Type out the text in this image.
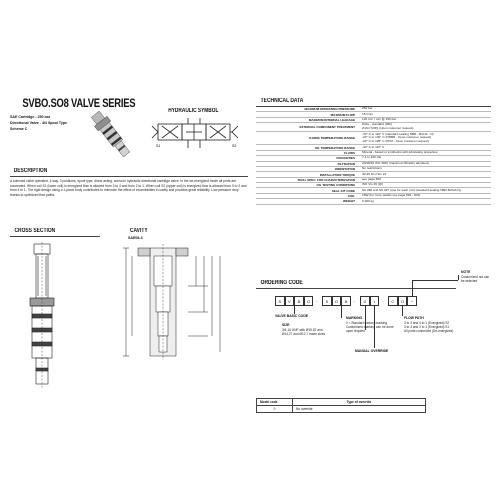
SVBO.SO8 VALVE SERIES
SAE Cartridge - 250 bar
Directional Valve - 4/3 Spool Type
Scheme C
HYDRAULIC SYMBOL
S1	S2
DESCRIPTION
A solenoid valve operated, 4 way, 3 positions, spool type, direct acting, screw-in hydraulic directional cartridge valve. In the de-energized mode all ports are connected. When coil S1 (lower coil) is energized flow is allowed from 3 to 4 and from 2 to 1. When coil S2 (upper coil) is energized flow is allowed from 3 to 2 and from 4 to 1. The rigid design using a 1-piece body contributes to minimize the effect of eccentricities in cavity and provides great reliability. Low pressure drop thanks to optimized flow paths.
CROSS SECTION	CAVITY
SAE08-3
TECHNICAL DATA
MAXIMUM OPERATING PRESSURE	250 bar
MAXIMUM FLOW	15 l/min
MAXIMUM INTERNAL LEAKAGE	120 cm³ / min @ 250 bar
EXTERNAL COMPONENT TREATMENT
ZnFe - standard (96h)
ZnNi (720h) (Upon customer request)
O-RING TEMPERATURE RANGE
-30° C to 110° C (standard sealing NBR - BUNA - N)
-20° C to 140° C (HNBR - Upon customer request)
-20° C to 225° C (FKM - Upon customer request)
OIL TEMPERATURE RANGE	-30° C to 110° C
FLUIDS	Mineral - based or synthetics with lubricating properties
VISCOSITIES	7.4 to 420 cSt
FILTRATION	20/18/15 ISO 4406 (maximum filtration admitted)
ORIENTATION	No restrictions
INSTALLATION TORQUE	40-45 Nm Hex 24
TECH. SPEC. FOR CHARACTERIZATION	see page 669
OIL TESTING CONDITIONS	ISO VG 46 (@)
SEAL KIT CODE	SK.060 and SK.027 (one for each coil) (standard sealing NBR-BUNA-N)
COIL	18W (for more details see page 593 - 603)
WEIGHT	0,180 kg
ORDERING CODE
S	V	B	O	-	S	O	8	-	0	•	-	C	O	*
VALVE BASIC CODE
SIZE
3/4-16 UNF with Ø15,87 and
Ø14,27 and Ø12,7 maxe sizes
MARKING
0 = Standard factory marking
Customized marking can be done
upon request.
MANUAL OVERRIDE
FLOW PATH
3 to 2 and 4 to 1 (Energized) S2
3 to 4 and 2 to 1 (Energized) S1
All ports connected (De-energized)
NOTE
Costumized nut can
be selected
Model code	Type of override
0	No override
